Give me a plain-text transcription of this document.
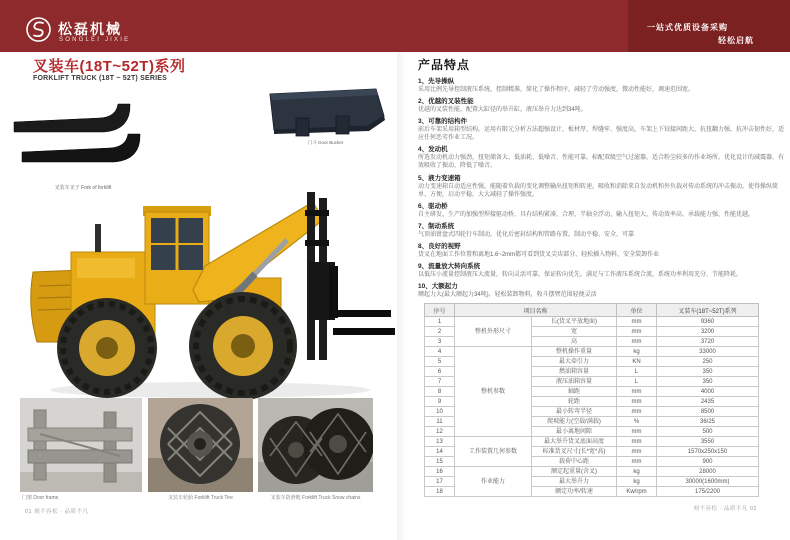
松磊机械
SONGLEI JIXIE
一站式优质设备采购
轻松启航
叉装车(18T~52T)系列
FORKLIFT TRUCK (18T ~ 52T) SERIES
叉装车叉子 Fork of forklift
门斗 Door Bucket
门架 Door frame	叉装车轮胎 Forklift Truck Tire	叉装车防滑链 Forklift Truck Snow chains
01 刻不容松 · 品质不凡
产品特点
1、先导操纵
采用比例先导控制液压系统，控制精准，简化了操作程序，减轻了劳动强度，微动性能好，调速范围宽。
2、优越的叉装性能
优越的叉装性能，配置大缸径的举升缸，液压举升力达到34吨。
3、可靠的结构件
前后车架采用箱型结构，运用有限元分析方法超强设计，板材厚、焊缝牢、强度高，车架上下铰接间距大，抗扭翻力强、抗冲击韧性好，适应任何恶劣作业工况。
4、发动机
所选发动机动力强劲，扭矩储备大、低油耗、低噪音、性能可靠。标配双级空气过滤器，适合粉尘较多的作业场所。优化设计的减震器，有效吸收了振动、降低了噪音。
5、液力变速箱
动力变速箱自动适应性强，能随着负载的变化调整输出扭矩和转速，吸收和消除来自发动机和外负载对传动系统的冲击振动，使得操纵简单、方便，启动平稳，大大减轻了操作强度。
6、驱动桥
自主研发、生产的加强型焊接驱动桥，具有结构紧凑、合理、半轴全浮动、输入扭矩大、传动效率高、承载能力强、性能优越。
7、制动系统
气顶油钳盘式四轮行车制动，优化后密封结构和管路布置，制动平稳、安全、可靠
8、良好的视野
货叉在地面工作位置和离地1.6~2mm都可看到货叉尖齿部分，轻松插入物料，安全装卸作业
9、流量放大转向系统
以低压小流量控制液压大流量，转向灵活可靠，保证转向优先，满足与工作液压系统合流，系统功率利用充分，节能降耗。
10、大额起力
额起力大(最大额起力34吨)，轻松装卸物料，收斗摆臂范围轻便灵活
序号	项目名称		单位	叉装车(18T~52T)系列
1	整机外形尺寸	长(货叉平放地面)	mm	9360
2		宽	mm	3200
3		高	mm	3720
4	整机参数	整机操作重量	kg	33000
5		最大牵引力	KN	250
6		燃油箱容量	L	350
7		液压油箱容量	L	350
8		轴距	mm	4000
9		轮距	mm	2435
10		最小转弯半径	mm	8500
11		爬坡能力(空载/满载)	%	36/25
12		最小离地间隙	mm	500
13	工作装置几何参数	最大举升货叉底面高度	mm	3550
14		标准货叉尺寸(长*宽*高)	mm	1570x250x150
15		载荷中心距	mm	900
16	作业能力	额定起重量(含叉)	kg	28000
17		最大举升力	kg	30000(1600mm)
18		额定功率/转速	Kw/rpm	175/2200
刻不容松 · 品质不凡 02
